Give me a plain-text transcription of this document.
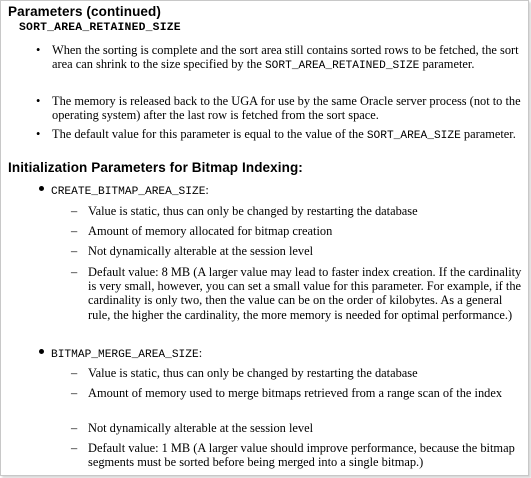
Parameters (continued)
SORT_AREA_RETAINED_SIZE
• When the sorting is complete and the sort area still contains sorted rows to be fetched, the sort area can shrink to the size specified by the SORT_AREA_RETAINED_SIZE parameter.
• The memory is released back to the UGA for use by the same Oracle server process (not to the operating system) after the last row is fetched from the sort space.
• The default value for this parameter is equal to the value of the SORT_AREA_SIZE parameter.
Initialization Parameters for Bitmap Indexing:
CREATE_BITMAP_AREA_SIZE:
– Value is static, thus can only be changed by restarting the database
– Amount of memory allocated for bitmap creation
– Not dynamically alterable at the session level
– Default value: 8 MB (A larger value may lead to faster index creation. If the cardinality is very small, however, you can set a small value for this parameter. For example, if the cardinality is only two, then the value can be on the order of kilobytes. As a general rule, the higher the cardinality, the more memory is needed for optimal performance.)
BITMAP_MERGE_AREA_SIZE:
– Value is static, thus can only be changed by restarting the database
– Amount of memory used to merge bitmaps retrieved from a range scan of the index
– Not dynamically alterable at the session level
– Default value: 1 MB (A larger value should improve performance, because the bitmap segments must be sorted before being merged into a single bitmap.)
